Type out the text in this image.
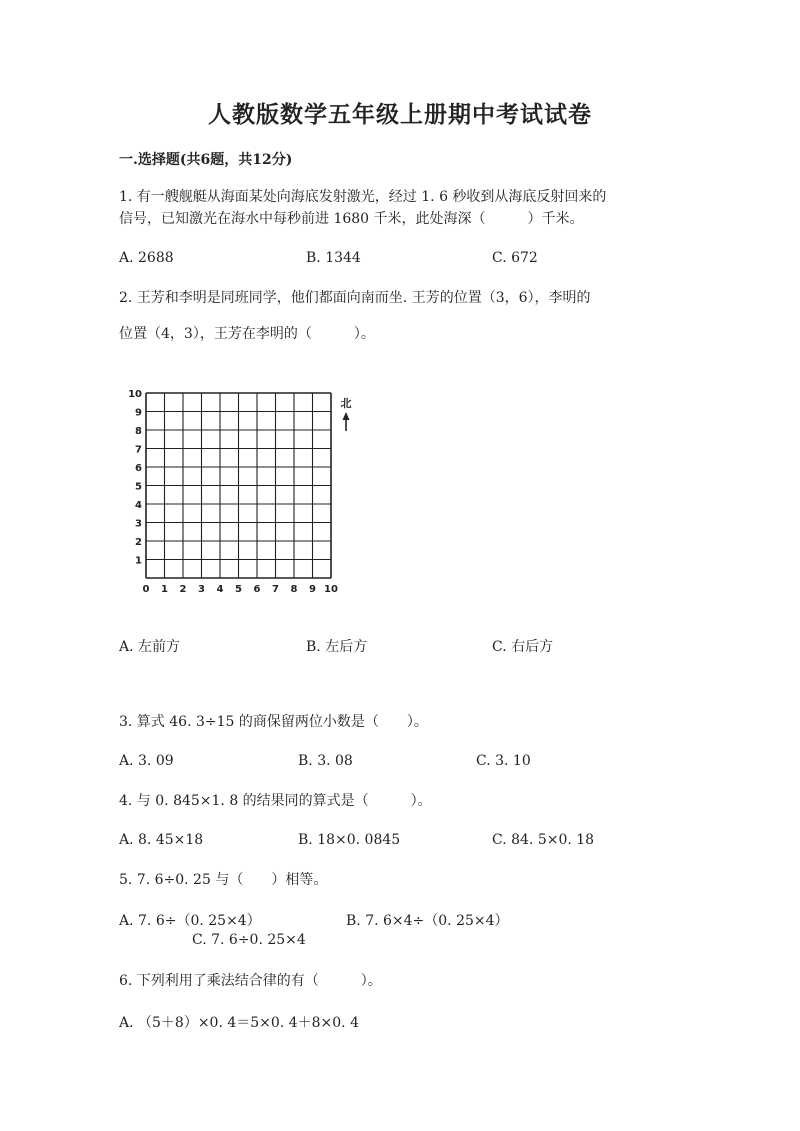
人教版数学五年级上册期中考试试卷
一.选择题(共6题，共12分)
1. 有一艘舰艇从海面某处向海底发射激光，经过 1. 6 秒收到从海底反射回来的
信号，已知激光在海水中每秒前进 1680 千米，此处海深（　　　）千米。
A. 2688	B. 1344	C. 672
2. 王芳和李明是同班同学，他们都面向南而坐. 王芳的位置（3，6），李明的
位置（4，3），王芳在李明的（　　　）。
0 1 2 3 4 5 6 7 8 9 10
1
2
3
4
5
6
7
8
9
10
北
A. 左前方	B. 左后方	C. 右后方
3. 算式 46. 3÷15 的商保留两位小数是（　　）。
A. 3. 09	B. 3. 08	C. 3. 10
4. 与 0. 845×1. 8 的结果同的算式是（　　　）。
A. 8. 45×18	B. 18×0. 0845	C. 84. 5×0. 18
5. 7. 6÷0. 25 与（　　）相等。
A. 7. 6÷（0. 25×4）	B. 7. 6×4÷（0. 25×4）
C. 7. 6÷0. 25×4
6. 下列利用了乘法结合律的有（　　　）。
A. （5＋8）×0. 4＝5×0. 4＋8×0. 4
